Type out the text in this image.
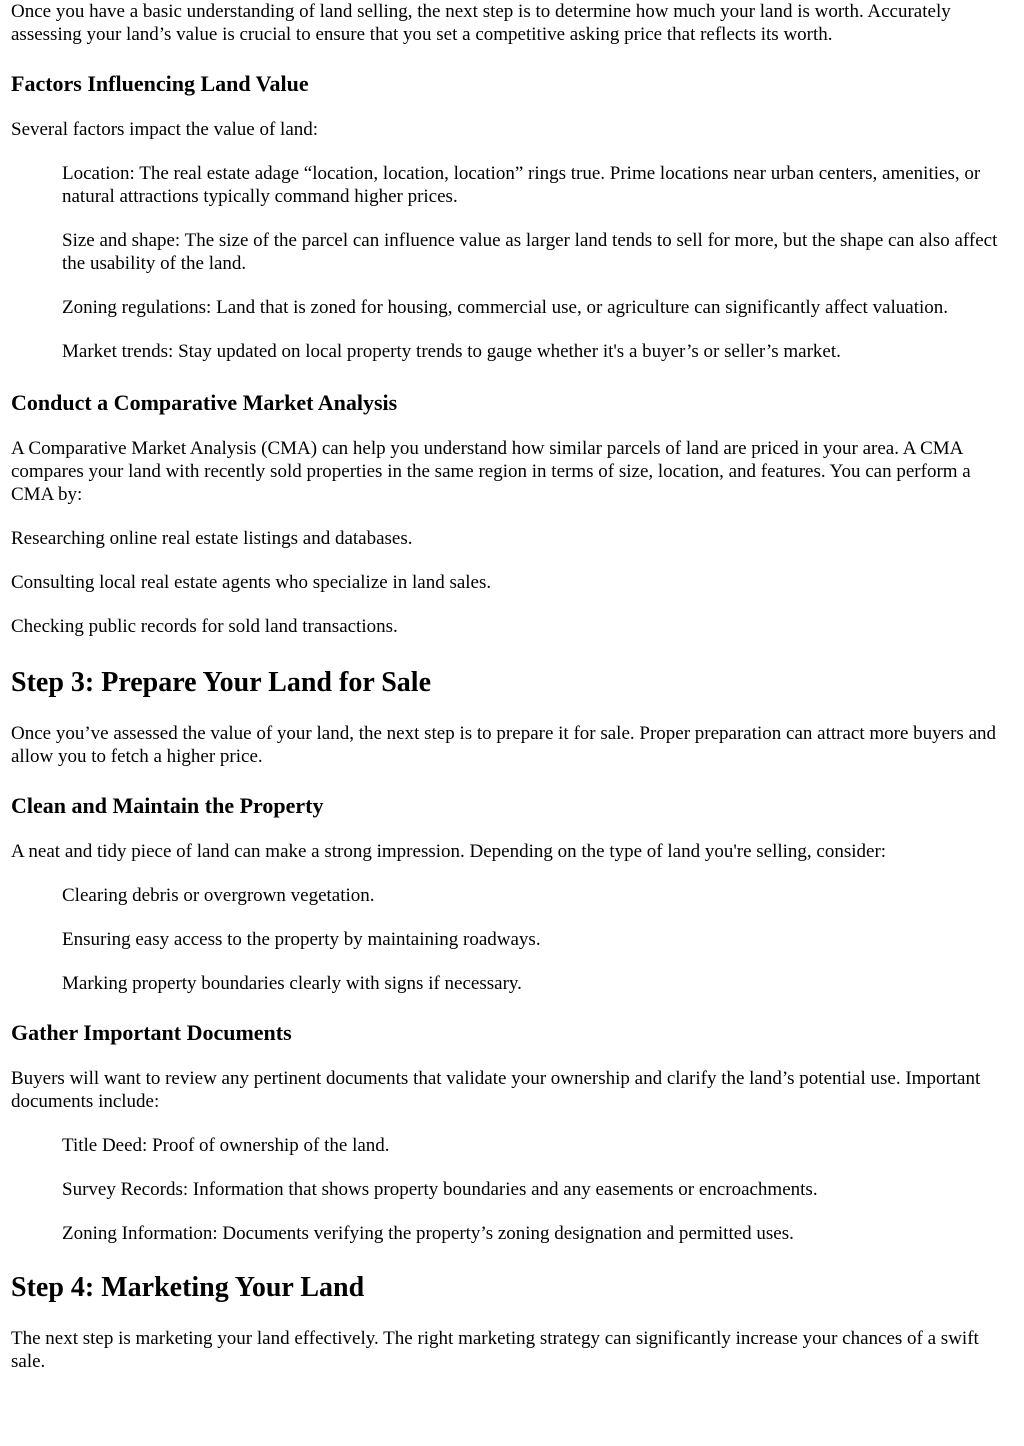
Once you have a basic understanding of land selling, the next step is to determine how much your land is worth. Accurately assessing your land’s value is crucial to ensure that you set a competitive asking price that reflects its worth.

Factors Influencing Land Value

Several factors impact the value of land:

Location: The real estate adage “location, location, location” rings true. Prime locations near urban centers, amenities, or natural attractions typically command higher prices.

Size and shape: The size of the parcel can influence value as larger land tends to sell for more, but the shape can also affect the usability of the land.

Zoning regulations: Land that is zoned for housing, commercial use, or agriculture can significantly affect valuation.

Market trends: Stay updated on local property trends to gauge whether it's a buyer’s or seller’s market.

Conduct a Comparative Market Analysis

A Comparative Market Analysis (CMA) can help you understand how similar parcels of land are priced in your area. A CMA compares your land with recently sold properties in the same region in terms of size, location, and features. You can perform a CMA by:

Researching online real estate listings and databases.

Consulting local real estate agents who specialize in land sales.

Checking public records for sold land transactions.

Step 3: Prepare Your Land for Sale

Once you’ve assessed the value of your land, the next step is to prepare it for sale. Proper preparation can attract more buyers and allow you to fetch a higher price.

Clean and Maintain the Property

A neat and tidy piece of land can make a strong impression. Depending on the type of land you're selling, consider:

Clearing debris or overgrown vegetation.

Ensuring easy access to the property by maintaining roadways.

Marking property boundaries clearly with signs if necessary.

Gather Important Documents

Buyers will want to review any pertinent documents that validate your ownership and clarify the land’s potential use. Important documents include:

Title Deed: Proof of ownership of the land.

Survey Records: Information that shows property boundaries and any easements or encroachments.

Zoning Information: Documents verifying the property’s zoning designation and permitted uses.

Step 4: Marketing Your Land

The next step is marketing your land effectively. The right marketing strategy can significantly increase your chances of a swift sale.
